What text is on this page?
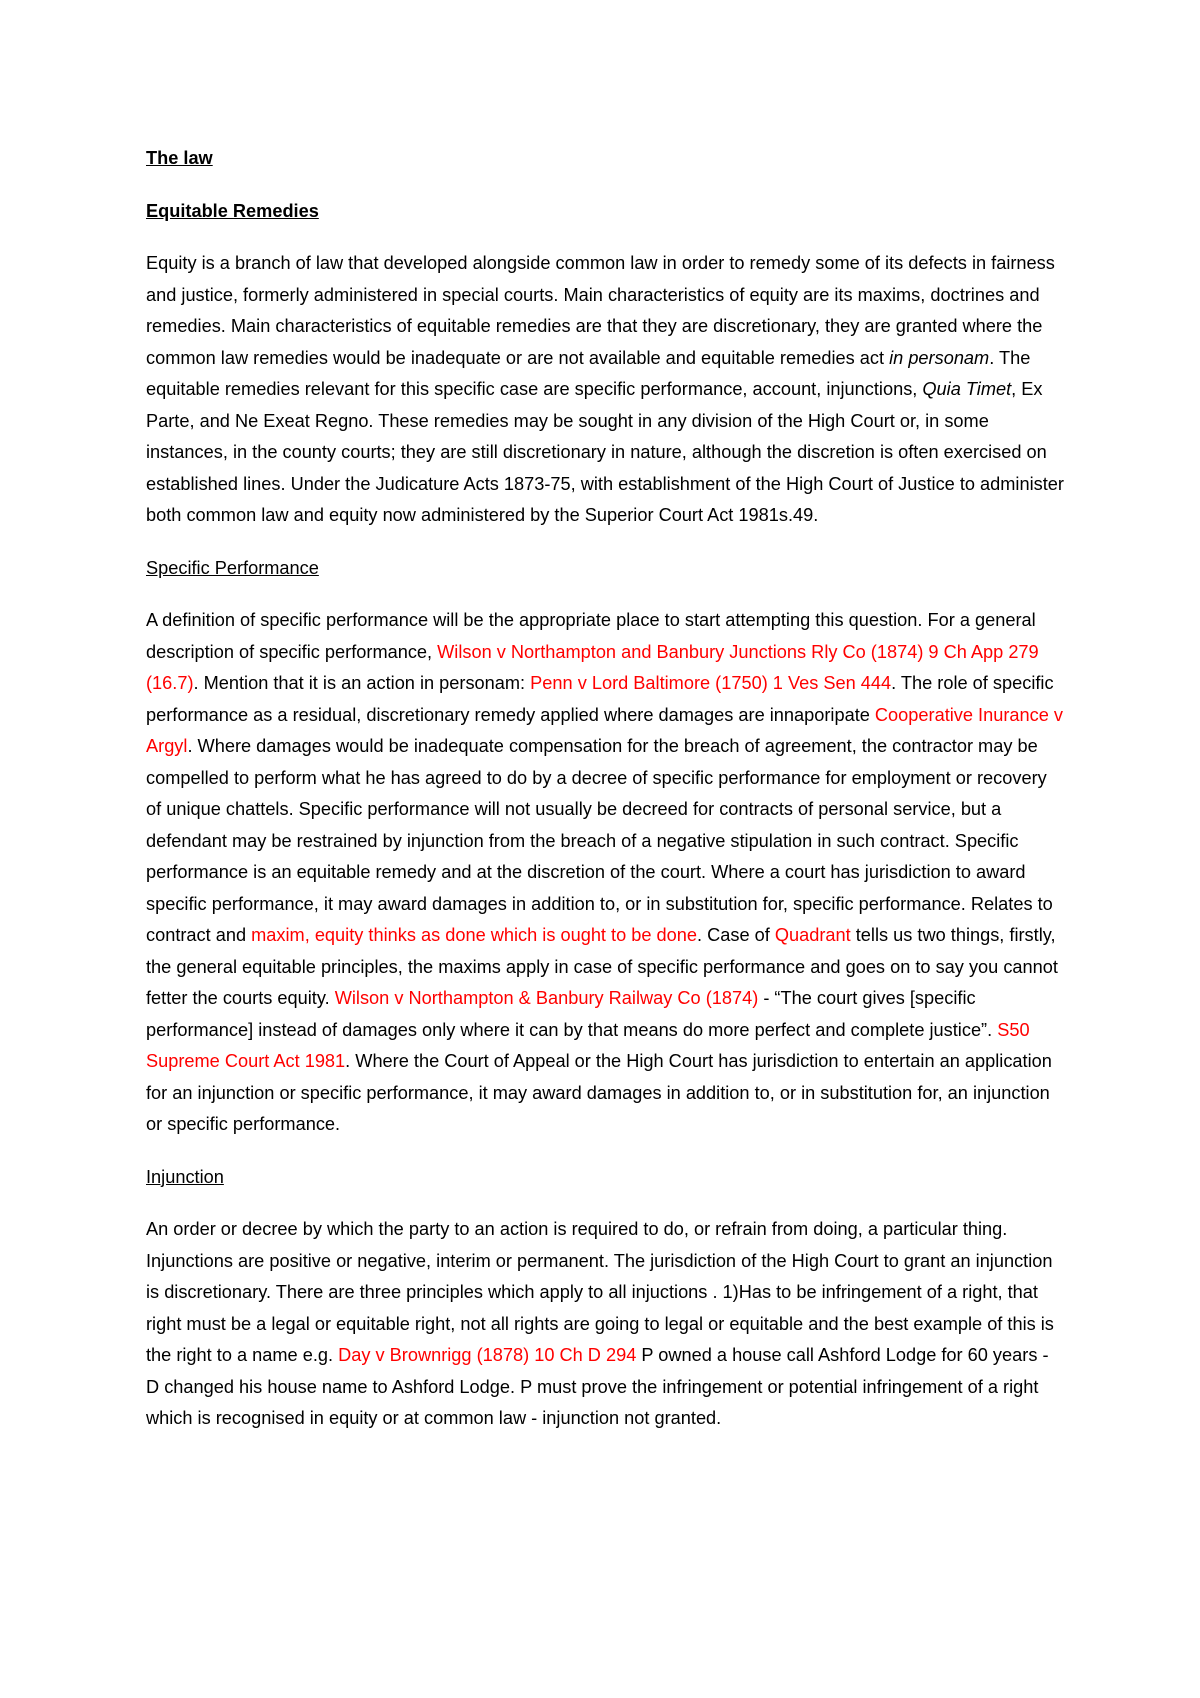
The law

Equitable Remedies

Equity is a branch of law that developed alongside common law in order to remedy some of its defects in fairness and justice, formerly administered in special courts. Main characteristics of equity are its maxims, doctrines and remedies. Main characteristics of equitable remedies are that they are discretionary, they are granted where the common law remedies would be inadequate or are not available and equitable remedies act in personam. The equitable remedies relevant for this specific case are specific performance, account, injunctions, Quia Timet, Ex Parte, and Ne Exeat Regno. These remedies may be sought in any division of the High Court or, in some instances, in the county courts; they are still discretionary in nature, although the discretion is often exercised on established lines. Under the Judicature Acts 1873-75, with establishment of the High Court of Justice to administer both common law and equity now administered by the Superior Court Act 1981s.49.

Specific Performance

A definition of specific performance will be the appropriate place to start attempting this question. For a general description of specific performance, Wilson v Northampton and Banbury Junctions Rly Co (1874) 9 Ch App 279 (16.7). Mention that it is an action in personam: Penn v Lord Baltimore (1750) 1 Ves Sen 444. The role of specific performance as a residual, discretionary remedy applied where damages are innaporipate Cooperative Inurance v Argyl. Where damages would be inadequate compensation for the breach of agreement, the contractor may be compelled to perform what he has agreed to do by a decree of specific performance for employment or recovery of unique chattels. Specific performance will not usually be decreed for contracts of personal service, but a defendant may be restrained by injunction from the breach of a negative stipulation in such contract. Specific performance is an equitable remedy and at the discretion of the court. Where a court has jurisdiction to award specific performance, it may award damages in addition to, or in substitution for, specific performance. Relates to contract and maxim, equity thinks as done which is ought to be done. Case of Quadrant tells us two things, firstly, the general equitable principles, the maxims apply in case of specific performance and goes on to say you cannot fetter the courts equity. Wilson v Northampton & Banbury Railway Co (1874) - “The court gives [specific performance] instead of damages only where it can by that means do more perfect and complete justice”. S50 Supreme Court Act 1981. Where the Court of Appeal or the High Court has jurisdiction to entertain an application for an injunction or specific performance, it may award damages in addition to, or in substitution for, an injunction or specific performance.

Injunction

An order or decree by which the party to an action is required to do, or refrain from doing, a particular thing. Injunctions are positive or negative, interim or permanent. The jurisdiction of the High Court to grant an injunction is discretionary. There are three principles which apply to all injuctions . 1)Has to be infringement of a right, that right must be a legal or equitable right, not all rights are going to legal or equitable and the best example of this is the right to a name e.g. Day v Brownrigg (1878) 10 Ch D 294 P owned a house call Ashford Lodge for 60 years - D changed his house name to Ashford Lodge. P must prove the infringement or potential infringement of a right which is recognised in equity or at common law - injunction not granted.
